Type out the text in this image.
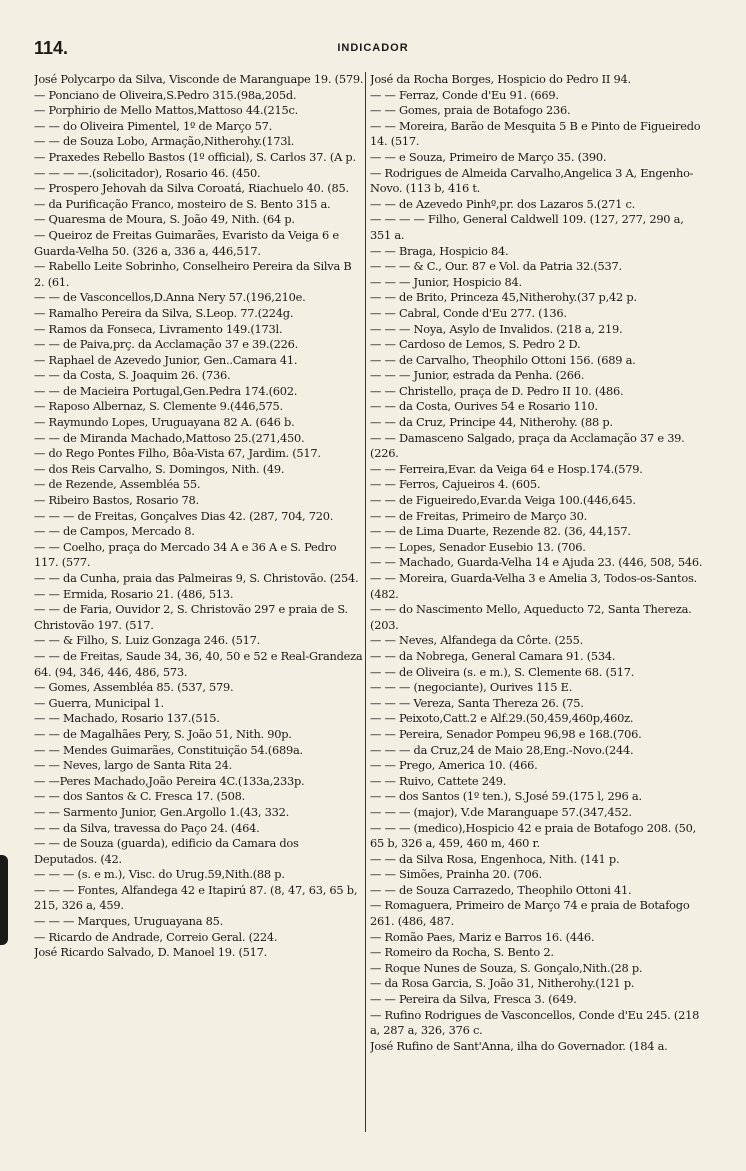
114.	INDICADOR
José Polycarpo da Silva, Visconde de Maranguape 19. (579.
— Ponciano de Oliveira,S.Pedro 315.(98a,205d.
— Porphirio de Mello Mattos,Mattoso 44.(215c.
— — do Oliveira Pimentel, 1º de Março 57.
— — de Souza Lobo, Armação,Nitherohy.(173l.
— Praxedes Rebello Bastos (1º official), S. Carlos 37. (A p.
— — — —.(solicitador), Rosario 46. (450.
— Prospero Jehovah da Silva Coroatá, Riachuelo 40. (85.
— da Purificação Franco, mosteiro de S. Bento 315 a.
— Quaresma de Moura, S. João 49, Nith. (64 p.
— Queiroz de Freitas Guimarães, Evaristo da Veiga 6 e Guarda-Velha 50. (326 a, 336 a, 446,517.
— Rabello Leite Sobrinho, Conselheiro Pereira da Silva B 2. (61.
— — de Vasconcellos,D.Anna Nery 57.(196,210e.
— Ramalho Pereira da Silva, S.Leop. 77.(224g.
— Ramos da Fonseca, Livramento 149.(173l.
— — de Paiva,prç. da Acclamação 37 e 39.(226.
— Raphael de Azevedo Junior, Gen..Camara 41.
— — da Costa, S. Joaquim 26. (736.
— — de Macieira Portugal,Gen.Pedra 174.(602.
— Raposo Albernaz, S. Clemente 9.(446,575.
— Raymundo Lopes, Uruguayana 82 A. (646 b.
— — de Miranda Machado,Mattoso 25.(271,450.
— do Rego Pontes Filho, Bôa-Vista 67, Jardim. (517.
— dos Reis Carvalho, S. Domingos, Nith. (49.
— de Rezende, Assembléa 55.
— Ribeiro Bastos, Rosario 78.
— — — de Freitas, Gonçalves Dias 42. (287, 704, 720.
— — de Campos, Mercado 8.
— — Coelho, praça do Mercado 34 A e 36 A e S. Pedro 117. (577.
— — da Cunha, praia das Palmeiras 9, S. Christovão. (254.
— — Ermida, Rosario 21. (486, 513.
— — de Faria, Ouvidor 2, S. Christovão 297 e praia de S. Christovão 197. (517.
— — & Filho, S. Luiz Gonzaga 246. (517.
— — de Freitas, Saude 34, 36, 40, 50 e 52 e Real-Grandeza 64. (94, 346, 446, 486, 573.
— Gomes, Assembléa 85. (537, 579.
— Guerra, Municipal 1.
— — Machado, Rosario 137.(515.
— — de Magalhães Pery, S. João 51, Nith. 90p.
— — Mendes Guimarães, Constituição 54.(689a.
— — Neves, largo de Santa Rita 24.
— —Peres Machado,João Pereira 4C.(133a,233p.
— — dos Santos & C. Fresca 17. (508.
— — Sarmento Junior, Gen.Argollo 1.(43, 332.
— — da Silva, travessa do Paço 24. (464.
— — de Souza (guarda), edificio da Camara dos Deputados. (42.
— — — (s. e m.), Visc. do Urug.59,Nith.(88 p.
— — — Fontes, Alfandega 42 e Itapirú 87. (8, 47, 63, 65 b, 215, 326 a, 459.
— — — Marques, Uruguayana 85.
— Ricardo de Andrade, Correio Geral. (224.
José Ricardo Salvado, D. Manoel 19. (517.
José da Rocha Borges, Hospicio do Pedro II 94.
— — Ferraz, Conde d'Eu 91. (669.
— — Gomes, praia de Botafogo 236.
— — Moreira, Barão de Mesquita 5 B e Pinto de Figueiredo 14. (517.
— — e Souza, Primeiro de Março 35. (390.
— Rodrigues de Almeida Carvalho,Angelica 3 A, Engenho-Novo. (113 b, 416 t.
— — de Azevedo Pinhº,pr. dos Lazaros 5.(271 c.
— — — — Filho, General Caldwell 109. (127, 277, 290 a, 351 a.
— — Braga, Hospicio 84.
— — — & C., Our. 87 e Vol. da Patria 32.(537.
— — — Junior, Hospicio 84.
— — de Brito, Princeza 45,Nitherohy.(37 p,42 p.
— — Cabral, Conde d'Eu 277. (136.
— — — Noya, Asylo de Invalidos. (218 a, 219.
— — Cardoso de Lemos, S. Pedro 2 D.
— — de Carvalho, Theophilo Ottoni 156. (689 a.
— — — Junior, estrada da Penha. (266.
— — Christello, praça de D. Pedro II 10. (486.
— — da Costa, Ourives 54 e Rosario 110.
— — da Cruz, Principe 44, Nitherohy. (88 p.
— — Damasceno Salgado, praça da Acclamação 37 e 39. (226.
— — Ferreira,Evar. da Veiga 64 e Hosp.174.(579.
— — Ferros, Cajueiros 4. (605.
— — de Figueiredo,Evar.da Veiga 100.(446,645.
— — de Freitas, Primeiro de Março 30.
— — de Lima Duarte, Rezende 82. (36, 44,157.
— — Lopes, Senador Eusebio 13. (706.
— — Machado, Guarda-Velha 14 e Ajuda 23. (446, 508, 546.
— — Moreira, Guarda-Velha 3 e Amelia 3, Todos-os-Santos. (482.
— — do Nascimento Mello, Aqueducto 72, Santa Thereza. (203.
— — Neves, Alfandega da Côrte. (255.
— — da Nobrega, General Camara 91. (534.
— — de Oliveira (s. e m.), S. Clemente 68. (517.
— — — (negociante), Ourives 115 E.
— — — Vereza, Santa Thereza 26. (75.
— — Peixoto,Catt.2 e Alf.29.(50,459,460p,460z.
— — Pereira, Senador Pompeu 96,98 e 168.(706.
— — — da Cruz,24 de Maio 28,Eng.-Novo.(244.
— — Prego, America 10. (466.
— — Ruivo, Cattete 249.
— — dos Santos (1º ten.), S.José 59.(175 l, 296 a.
— — — (major), V.de Maranguape 57.(347,452.
— — — (medico),Hospicio 42 e praia de Botafogo 208. (50, 65 b, 326 a, 459, 460 m, 460 r.
— — da Silva Rosa, Engenhoca, Nith. (141 p.
— — Simões, Prainha 20. (706.
— — de Souza Carrazedo, Theophilo Ottoni 41.
— Romaguera, Primeiro de Março 74 e praia de Botafogo 261. (486, 487.
— Romão Paes, Mariz e Barros 16. (446.
— Romeiro da Rocha, S. Bento 2.
— Roque Nunes de Souza, S. Gonçalo,Nith.(28 p.
— da Rosa Garcia, S. João 31, Nitherohy.(121 p.
— — Pereira da Silva, Fresca 3. (649.
— Rufino Rodrigues de Vasconcellos, Conde d'Eu 245. (218 a, 287 a, 326, 376 c.
José Rufino de Sant'Anna, ilha do Governador. (184 a.
